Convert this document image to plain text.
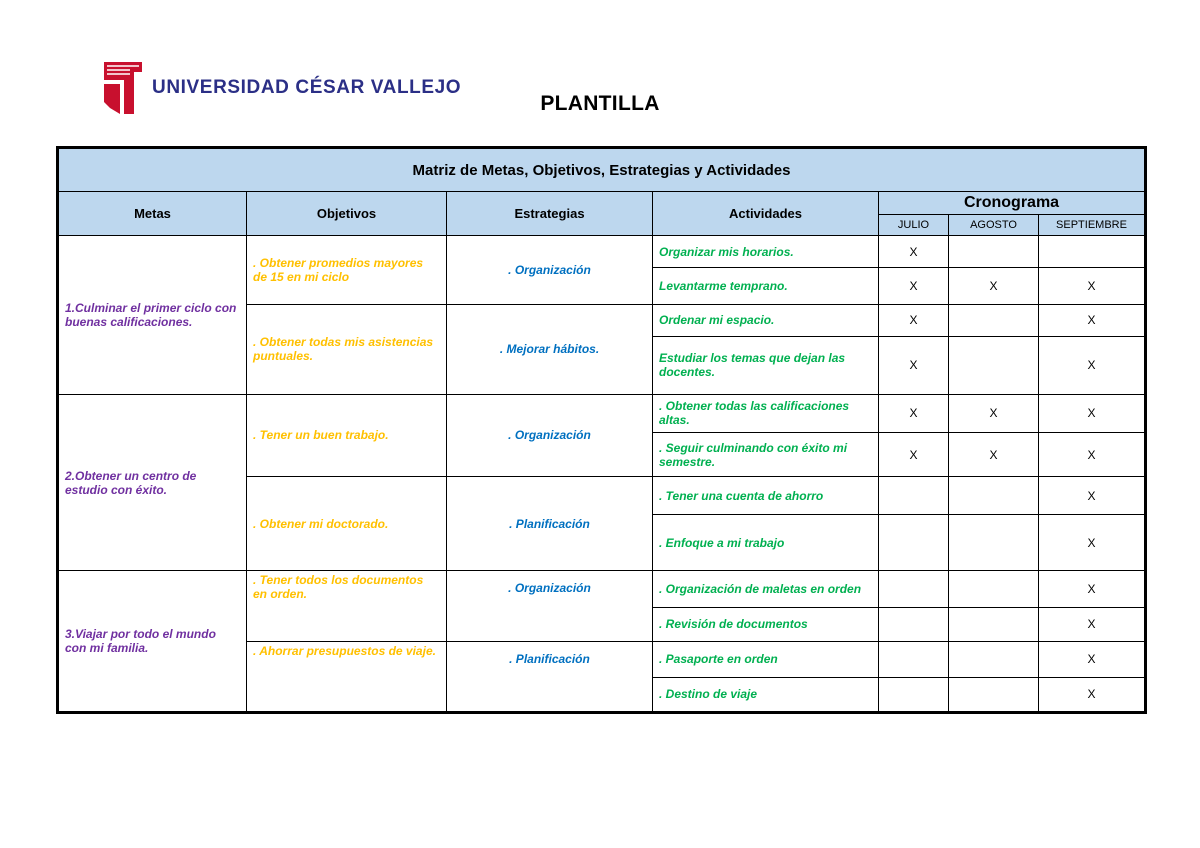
UNIVERSIDAD CÉSAR VALLEJO
PLANTILLA
Matriz de Metas, Objetivos, Estrategias y Actividades						
Metas	Objetivos	Estrategias	Actividades	Cronograma		
				JULIO	AGOSTO	SEPTIEMBRE
1.Culminar el primer ciclo con buenas calificaciones.	. Obtener promedios mayores de 15 en mi ciclo	. Organización	Organizar mis horarios.	X		
			Levantarme temprano.	X	X	X
	. Obtener todas mis asistencias puntuales.	. Mejorar hábitos.	Ordenar mi espacio.	X		X
			Estudiar los temas que dejan las docentes.	X		X
2.Obtener un centro de estudio con éxito.	. Tener un buen trabajo.	. Organización	. Obtener todas las calificaciones altas.	X	X	X
			. Seguir culminando con éxito mi semestre.	X	X	X
	. Obtener mi doctorado.	. Planificación	. Tener una cuenta de ahorro			X
			. Enfoque a mi trabajo			X
3.Viajar por todo el mundo con mi familia.	. Tener todos los documentos en orden.	. Organización	. Organización de maletas en orden			X
			. Revisión de documentos			X
	. Ahorrar presupuestos de viaje.	. Planificación	. Pasaporte en orden			X
			. Destino de viaje			X
